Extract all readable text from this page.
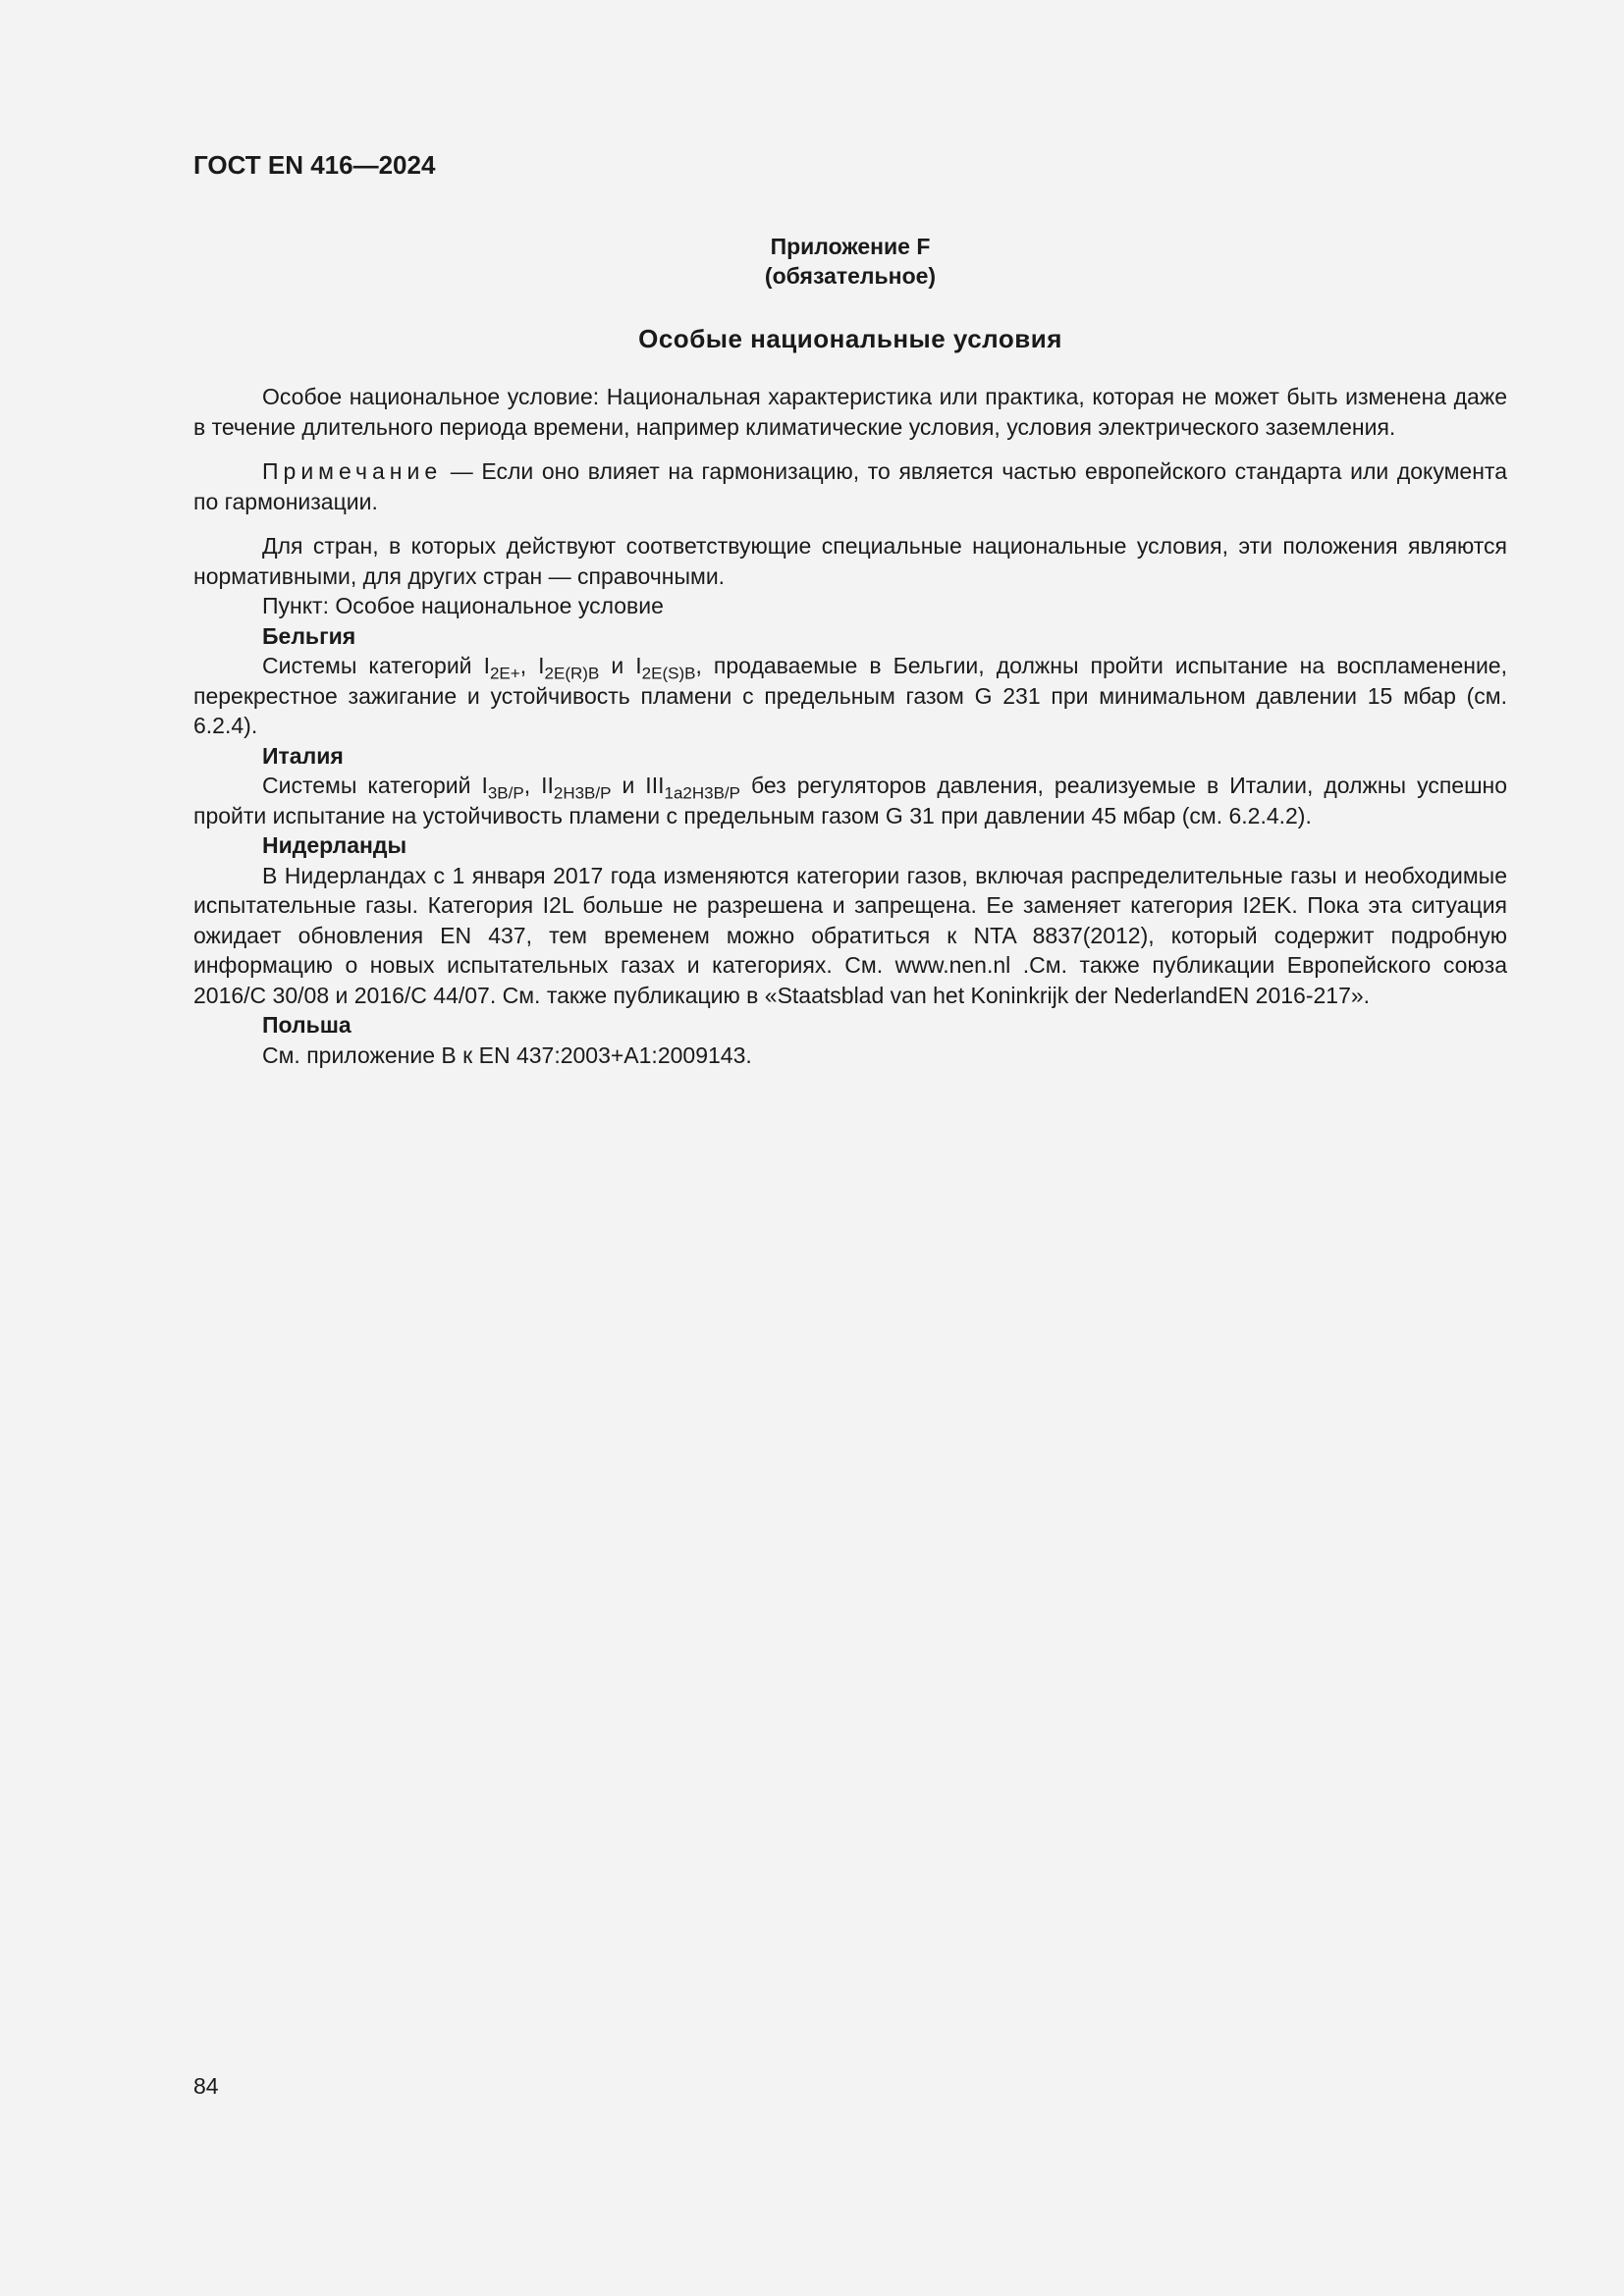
ГОСТ EN 416—2024
Приложение F
(обязательное)
Особые национальные условия

Особое национальное условие: Национальная характеристика или практика, которая не может быть изменена даже в течение длительного периода времени, например климатические условия, условия электрического заземления.

Примечание — Если оно влияет на гармонизацию, то является частью европейского стандарта или документа по гармонизации.

Для стран, в которых действуют соответствующие специальные национальные условия, эти положения являются нормативными, для других стран — справочными.

Пункт: Особое национальное условие

Бельгия

Системы категорий $I_{2E+}$, $I_{2E(R)B}$ и $I_{2E(S)B}$, продаваемые в Бельгии, должны пройти испытание на воспламенение, перекрестное зажигание и устойчивость пламени с предельным газом G 231 при минимальном давлении 15 мбар (см. 6.2.4).

Италия

Системы категорий $I_{3B/P}$, $II_{2H3B/P}$ и $III_{1a2H3B/P}$ без регуляторов давления, реализуемые в Италии, должны успешно пройти испытание на устойчивость пламени с предельным газом G 31 при давлении 45 мбар (см. 6.2.4.2).

Нидерланды

В Нидерландах с 1 января 2017 года изменяются категории газов, включая распределительные газы и необходимые испытательные газы. Категория I2L больше не разрешена и запрещена. Ее заменяет категория I2EK. Пока эта ситуация ожидает обновления EN 437, тем временем можно обратиться к NTA 8837(2012), который содержит подробную информацию о новых испытательных газах и категориях. См. www.nen.nl .См. также публикации Европейского союза 2016/C 30/08 и 2016/C 44/07. См. также публикацию в «Staatsblad van het Koninkrijk der NederlandEN 2016-217».

Польша

См. приложение B к EN 437:2003+A1:2009143.

84
